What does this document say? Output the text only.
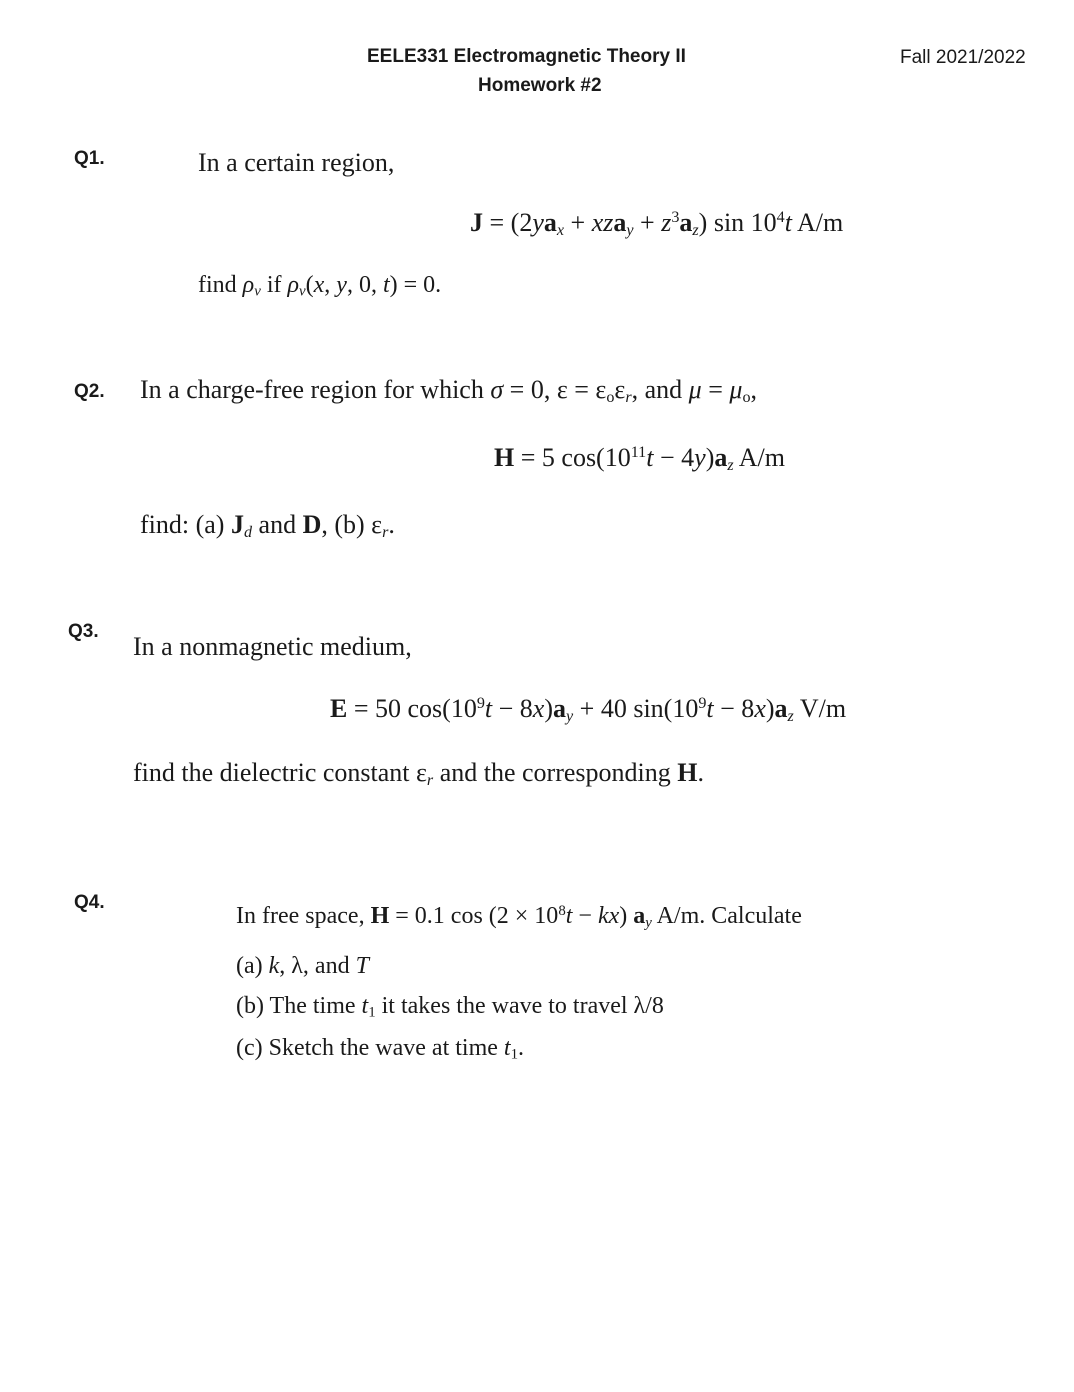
EELE331 Electromagnetic Theory II
Homework #2
Fall 2021/2022
Q1.	In a certain region,
$J = (2ya_x + xza_y + z^3a_z)$ $\sin 10^4t$ A/m
find $\rho_v$ if $\rho_v(x$, y, 0, t) = 0.
Q2. In a charge-free region for which σ = 0, $\varepsilon = \varepsilon_o\varepsilon_r$, and $\mu = \mu_o$,
H = 5 $\cos(10^{11}t - 4y)a_z$ A/m
find: (a) $J_d$ and D, (b) $\varepsilon_r$.
Q3.
In a nonmagnetic medium,
E = 50 $\cos(10^9t - 8x)a_y + 40$ $\sin(10^9t - 8x)a_z$ V/m
find the dielectric constant $\varepsilon_r$ and the corresponding H.
Q4.
In free space, H = 0.1 $\cos (2 \times 10^8t - kx)$ $a_y$ A/m. Calculate
(a) k, λ, and T
(b) The time $t_1$ it takes the wave to travel λ/8
(c) Sketch the wave at time $t_1$.
